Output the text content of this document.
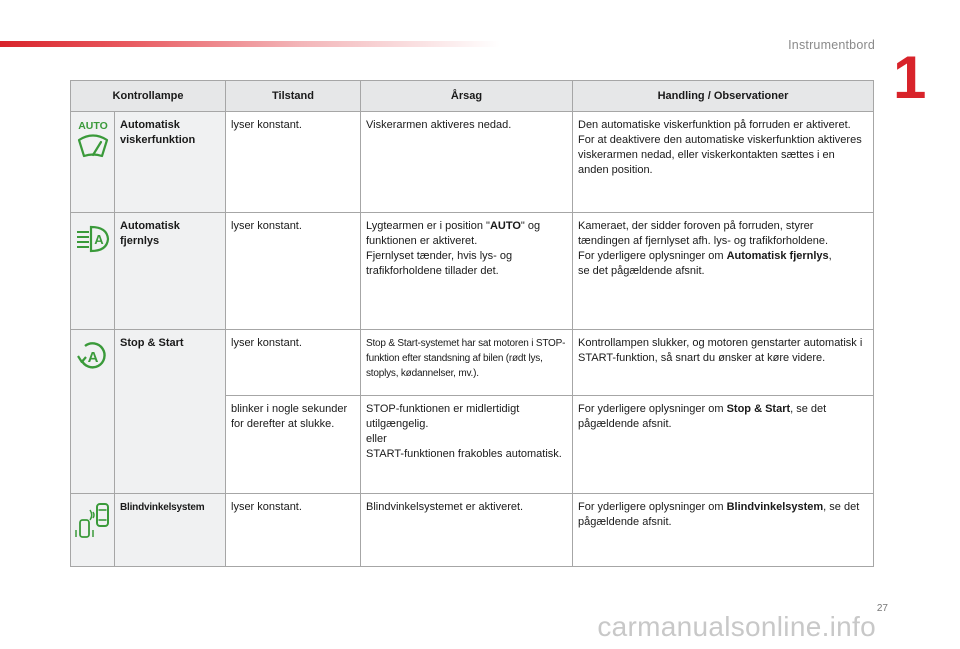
Instrumentbord 1
Kontrollampe		Tilstand	Årsag	Handling / Observationer

AUTO	Automatisk viskerfunktion	lyser konstant.	Viskerarmen aktiveres nedad.	Den automatiske viskerfunktion på forruden er aktiveret.
For at deaktivere den automatiske viskerfunktion aktiveres viskerarmen nedad, eller viskerkontakten sættes i en anden position.

A	Automatisk fjernlys	lyser konstant.	Lygtearmen er i position "AUTO" og funktionen er aktiveret.
Fjernlyset tænder, hvis lys- og trafikforholdene tillader det.	Kameraet, der sidder foroven på forruden, styrer tændingen af fjernlyset afh. lys- og trafikforholdene.
For yderligere oplysninger om Automatisk fjernlys,
se det pågældende afsnit.

A	Stop & Start	lyser konstant.	Stop & Start-systemet har sat motoren i STOP-funktion efter standsning af bilen (rødt lys, stoplys, kødannelser, mv.).	Kontrollampen slukker, og motoren genstarter automatisk i START-funktion, så snart du ønsker at køre videre.
		blinker i nogle sekunder for derefter at slukke.	STOP-funktionen er midlertidigt utilgængelig.
eller
START-funktionen frakobles automatisk.	For yderligere oplysninger om Stop & Start, se det pågældende afsnit.
	Blindvinkelsystem	lyser konstant.	Blindvinkelsystemet er aktiveret.	For yderligere oplysninger om Blindvinkelsystem, se det pågældende afsnit.
27
carmanualsonline.info
